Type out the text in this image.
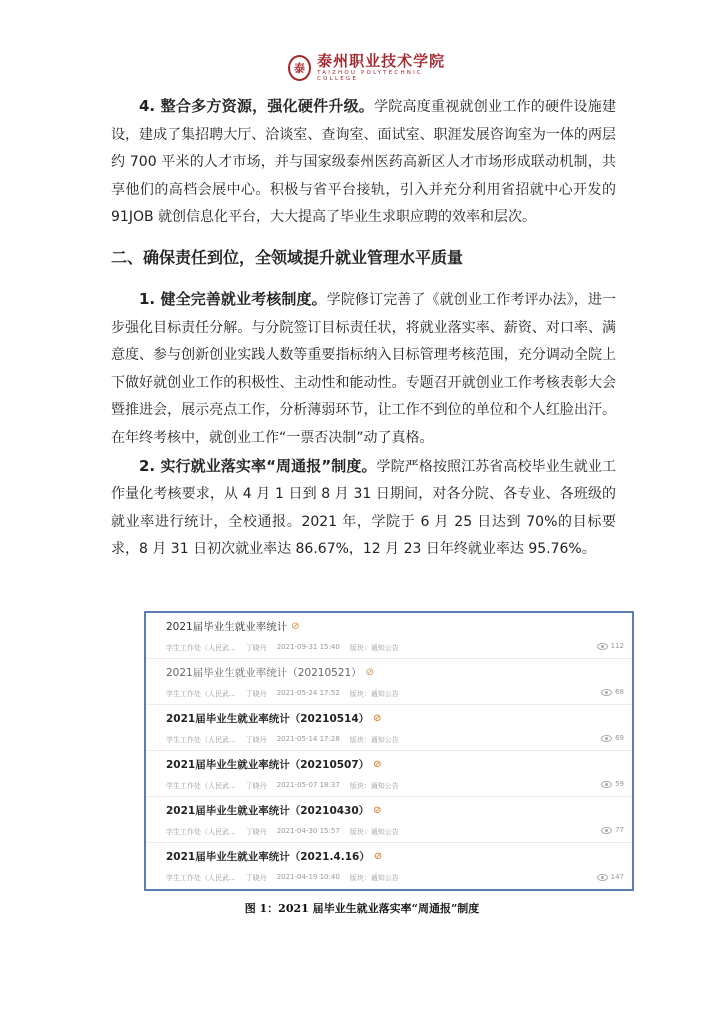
泰 泰州职业技术学院
TAIZHOU POLYTECHNIC COLLEGE

4. 整合多方资源，强化硬件升级。学院高度重视就创业工作的硬件设施建设，建成了集招聘大厅、洽谈室、查询室、面试室、职涯发展咨询室为一体的两层约 700 平米的人才市场，并与国家级泰州医药高新区人才市场形成联动机制，共享他们的高档会展中心。积极与省平台接轨，引入并充分利用省招就中心开发的 91JOB 就创信息化平台，大大提高了毕业生求职应聘的效率和层次。

二、确保责任到位，全领域提升就业管理水平质量

1. 健全完善就业考核制度。学院修订完善了《就创业工作考评办法》，进一步强化目标责任分解。与分院签订目标责任状，将就业落实率、薪资、对口率、满意度、参与创新创业实践人数等重要指标纳入目标管理考核范围，充分调动全院上下做好就创业工作的积极性、主动性和能动性。专题召开就创业工作考核表彰大会暨推进会，展示亮点工作，分析薄弱环节，让工作不到位的单位和个人红脸出汗。在年终考核中，就创业工作“一票否决制”动了真格。

2. 实行就业落实率“周通报”制度。学院严格按照江苏省高校毕业生就业工作量化考核要求，从 4 月 1 日到 8 月 31 日期间，对各分院、各专业、各班级的就业率进行统计，全校通报。2021 年，学院于 6 月 25 日达到 70%的目标要求，8 月 31 日初次就业率达 86.67%，12 月 23 日年终就业率达 95.76%。

2021届毕业生就业率统计 ⊘
学生工作处（人民武... 丁晓丹 2021-09-31 15:40 版块：通知公告	112
2021届毕业生就业率统计（20210521） ⊘
学生工作处（人民武... 丁晓丹 2021-05-24 17:52 版块：通知公告	68
2021届毕业生就业率统计（20210514） ⊘
学生工作处（人民武... 丁晓丹 2021-05-14 17:28 版块：通知公告	69
2021届毕业生就业率统计（20210507） ⊘
学生工作处（人民武... 丁晓丹 2021-05-07 18:37 版块：通知公告	59
2021届毕业生就业率统计（20210430） ⊘
学生工作处（人民武... 丁晓丹 2021-04-30 15:57 版块：通知公告	77
2021届毕业生就业率统计（2021.4.16） ⊘
学生工作处（人民武... 丁晓丹 2021-04-19 10:40 版块：通知公告	147
图 1：2021 届毕业生就业落实率“周通报”制度
